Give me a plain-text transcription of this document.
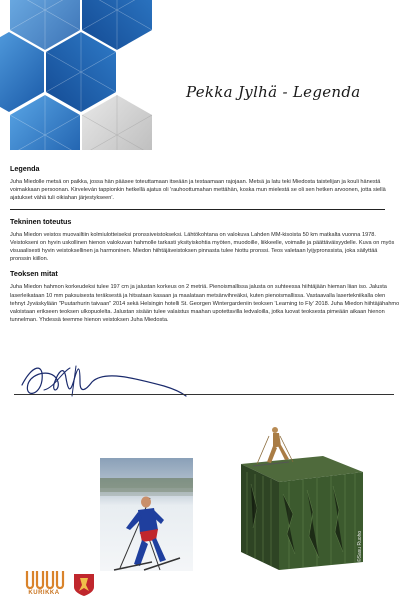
Pekka Jylhä - Legenda
Legenda
Juha Miedolle metsä on paikka, jossa hän pääsee toteuttamaan itseään ja testaamaan rajojaan. Metsä ja latu teki Miedosta taistelijan ja kouli hänestä voimakkaan persoonan. Kirveleván tappionkin hetkellä ajatus oli 'rauhoottumahan mettähän, koska mun mielestä se oli sen hetken arvoonen, jotta siellä ajatukset vähä tuli oikiahan järjestykseen'.
Tekninen toteutus
Juha Miedon veistos muovailtiin kolmiulotteiseksi pronssiveistokseksi. Lähtökohtana on valokuva Lahden MM-kisoista 50 km matkalta vuonna 1978. Veistokseni on hyvin uskollinen hienon valokuvan hahmolle tarkasti yksityiskohtia myöten, muodoille, liikkeelle, voimalle ja päättäväisyydelle. Kuva on myös visuaalisesti hyvin veistoksellinen ja harmoninen. Miedon hiihtäjäveistoksen pinnasta tulee hiottu pronssi. Teos valetaan lyijypronssista, joka säilyttää pronssin kiillon.
Teoksen mitat
Juha Miedon hahmon korkeudeksi tulee 197 cm ja jalustan korkeus on 2 metriä. Pienoismallissa jalusta on suhteessa hiihtäjään hieman liian iso. Jalusta laserleikataan 10 mm paksuisesta teräksestä ja hitsataan kasaan ja maalataan metsänvihreäksi, kuten pienoismallissa. Vastaavalla lasertekniikalla olen tehnyt Jyväskylään "Puutarhurin taivaan" 2014 sekä Helsingin hotelli St. Georgen Wintergardeniin teoksen 'Learning to Fly' 2018. Juha Miedon hiihtäjähahmo valoistaan erikseen teoksen ulkopuolelta. Jalustan sisään tulee valaistus maahan upotettavilla ledvaloilla, jotka luovat teoksesta pimeään aikaan hienon tunnelman. Yhdessä teemme hienon veistoksen Juha Miedosta.
©Sasu Ruoho
KURIKKA
